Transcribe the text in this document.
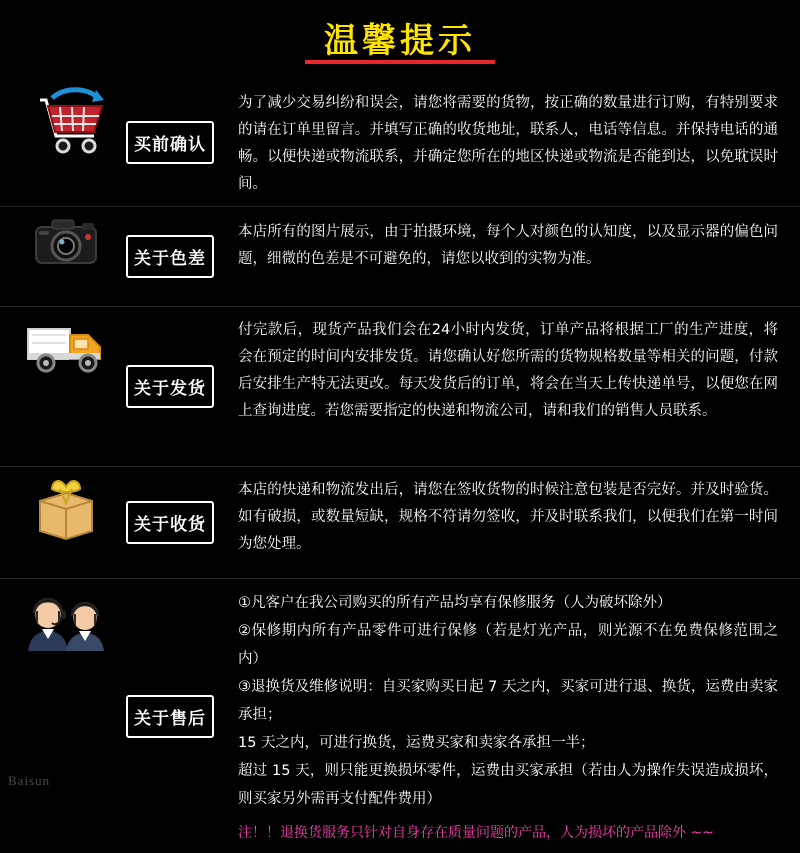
温馨提示
买前确认

为了减少交易纠纷和误会，请您将需要的货物，按正确的数量进行订购，有特别要求的请在订单里留言。并填写正确的收货地址，联系人，电话等信息。并保持电话的通畅。以便快递或物流联系，并确定您所在的地区快递或物流是否能到达，以免耽误时间。

关于色差

本店所有的图片展示，由于拍摄环境，每个人对颜色的认知度，以及显示器的偏色问题，细微的色差是不可避免的，请您以收到的实物为准。

关于发货

付完款后，现货产品我们会在24小时内发货，订单产品将根据工厂的生产进度，将会在预定的时间内安排发货。请您确认好您所需的货物规格数量等相关的问题，付款后安排生产特无法更改。每天发货后的订单，将会在当天上传快递单号，以便您在网上查询进度。若您需要指定的快递和物流公司，请和我们的销售人员联系。

关于收货

本店的快递和物流发出后，请您在签收货物的时候注意包装是否完好。并及时验货。如有破损，或数量短缺，规格不符请勿签收，并及时联系我们，以便我们在第一时间为您处理。

关于售后

①凡客户在我公司购买的所有产品均享有保修服务（人为破坏除外）

②保修期内所有产品零件可进行保修（若是灯光产品，则光源不在免费保修范围之内）

③退换货及维修说明：自买家购买日起 7 天之内，买家可进行退、换货，运费由卖家承担；

15 天之内，可进行换货，运费买家和卖家各承担一半；

超过 15 天，则只能更换损坏零件，运费由买家承担（若由人为操作失误造成损坏，则买家另外需再支付配件费用）

注！！退换货服务只针对自身存在质量问题的产品，人为损坏的产品除外 ~~

Baisun
